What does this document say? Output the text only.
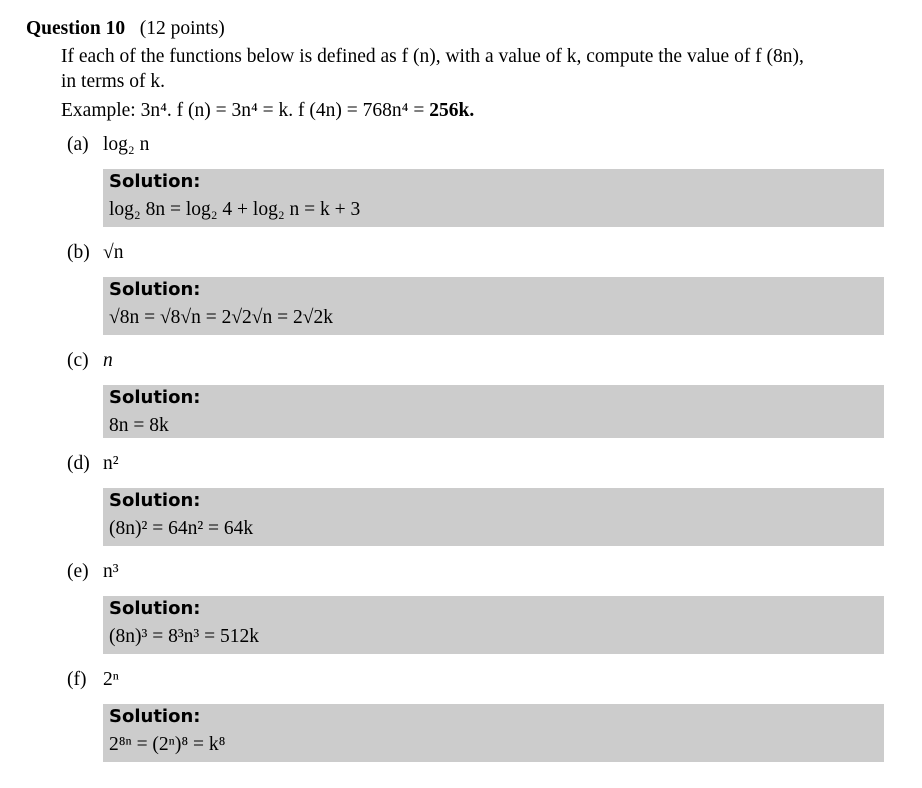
Question 10 (12 points)
If each of the functions below is defined as f (n), with a value of k, compute the value of f (8n),
in terms of k.
Example: 3n⁴. f (n) = 3n⁴ = k. f (4n) = 768n⁴ = 256k.
(a) log₂ n
Solution:
log₂ 8n = log₂ 4 + log₂ n = k + 3
(b) √n
Solution:
√8n = √8√n = 2√2√n = 2√2k
(c) n
Solution:
8n = 8k
(d) n²
Solution:
(8n)² = 64n² = 64k
(e) n³
Solution:
(8n)³ = 8³n³ = 512k
(f) 2ⁿ
Solution:
2⁸ⁿ = (2ⁿ)⁸ = k⁸
